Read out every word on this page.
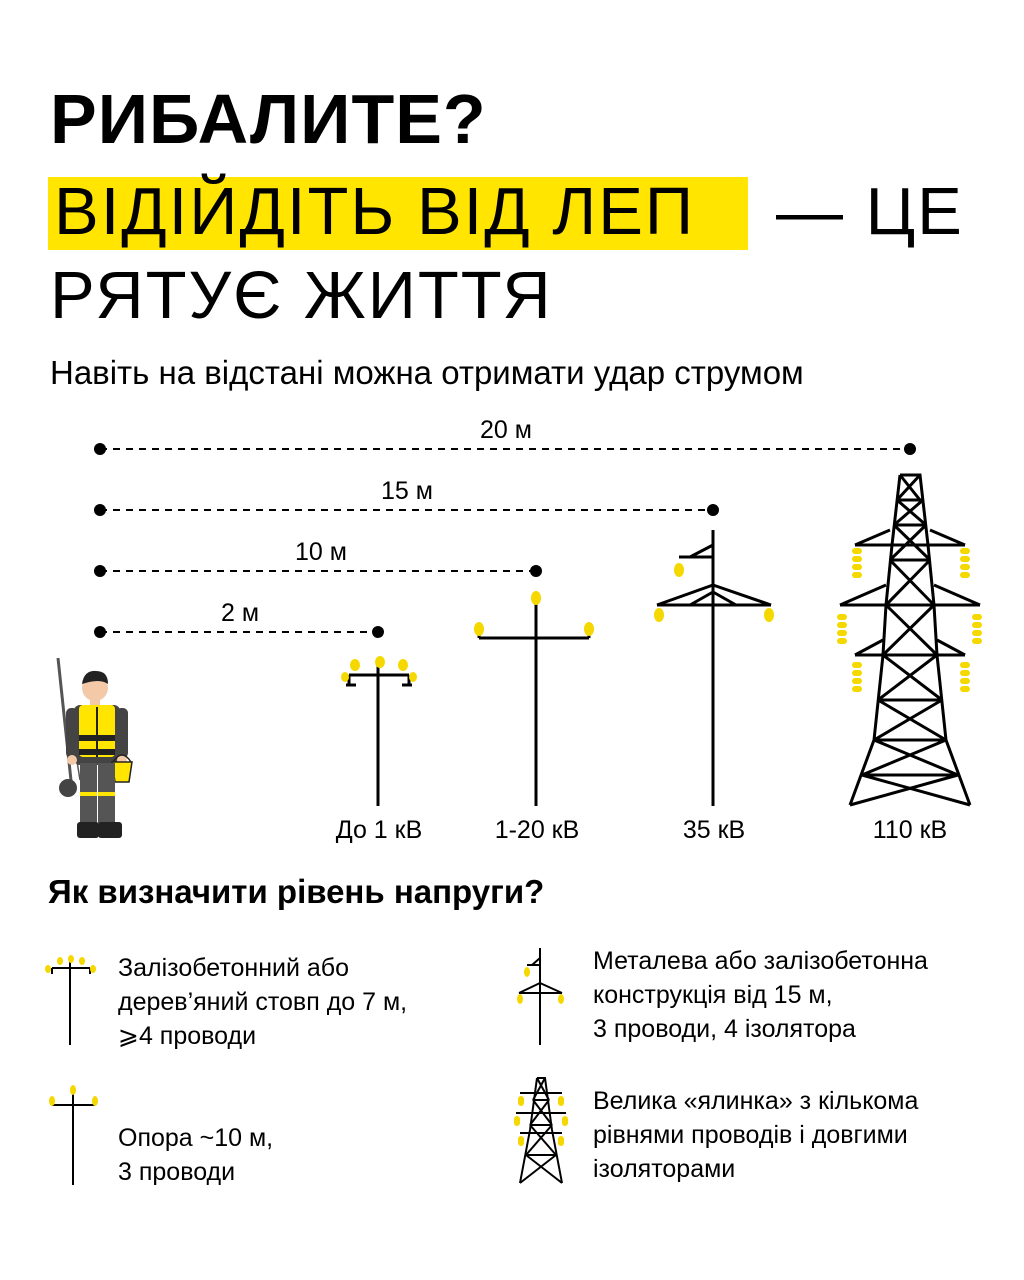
РИБАЛИТЕ?
ВІДІЙДІТЬ ВІД ЛЕП — ЦЕ
РЯТУЄ ЖИТТЯ
Навіть на відстані можна отримати удар струмом
20 м
15 м
10 м
2 м
До 1 кВ	1-20 кВ	35 кВ	110 кВ
Як визначити рівень напруги?
Залізобетонний або
дерев’яний стовп до 7 м,
⩾4 проводи
Опора ~10 м,
3 проводи
Металева або залізобетонна
конструкція від 15 м,
3 проводи, 4 ізолятора
Велика «ялинка» з кількома
рівнями проводів і довгими
ізоляторами
